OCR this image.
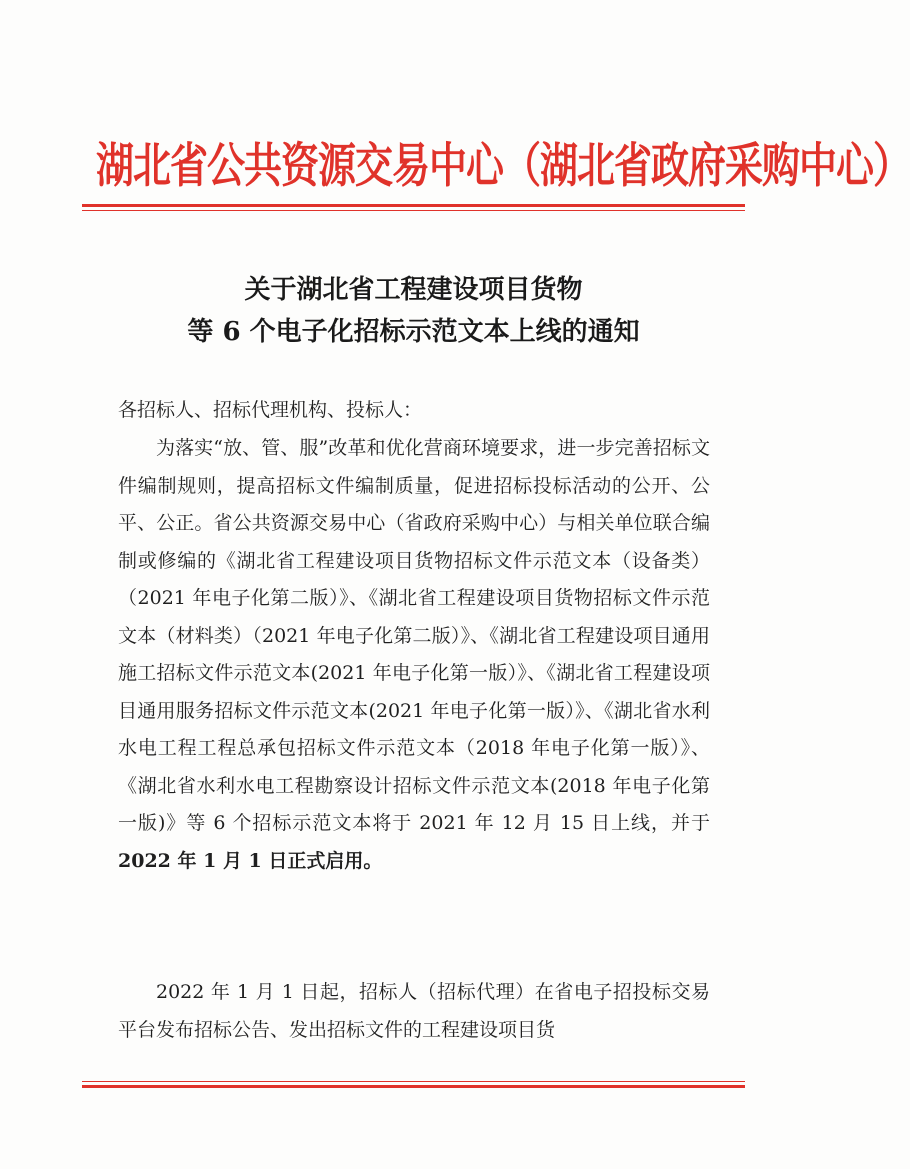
湖北省公共资源交易中心（湖北省政府采购中心）
关于湖北省工程建设项目货物
等 6 个电子化招标示范文本上线的通知
各招标人、招标代理机构、投标人：
为落实“放、管、服”改革和优化营商环境要求，进一步完善招标文件编制规则，提高招标文件编制质量，促进招标投标活动的公开、公平、公正。省公共资源交易中心（省政府采购中心）与相关单位联合编制或修编的《湖北省工程建设项目货物招标文件示范文本（设备类）（2021 年电子化第二版）》、《湖北省工程建设项目货物招标文件示范文本（材料类）（2021 年电子化第二版）》、《湖北省工程建设项目通用施工招标文件示范文本(2021 年电子化第一版）》、《湖北省工程建设项目通用服务招标文件示范文本(2021 年电子化第一版）》、《湖北省水利水电工程工程总承包招标文件示范文本（2018 年电子化第一版）》、《湖北省水利水电工程勘察设计招标文件示范文本(2018 年电子化第一版)》等 6 个招标示范文本将于 2021 年 12 月 15 日上线，并于 2022 年 1 月 1 日正式启用。
2022 年 1 月 1 日起，招标人（招标代理）在省电子招投标交易平台发布招标公告、发出招标文件的工程建设项目货
